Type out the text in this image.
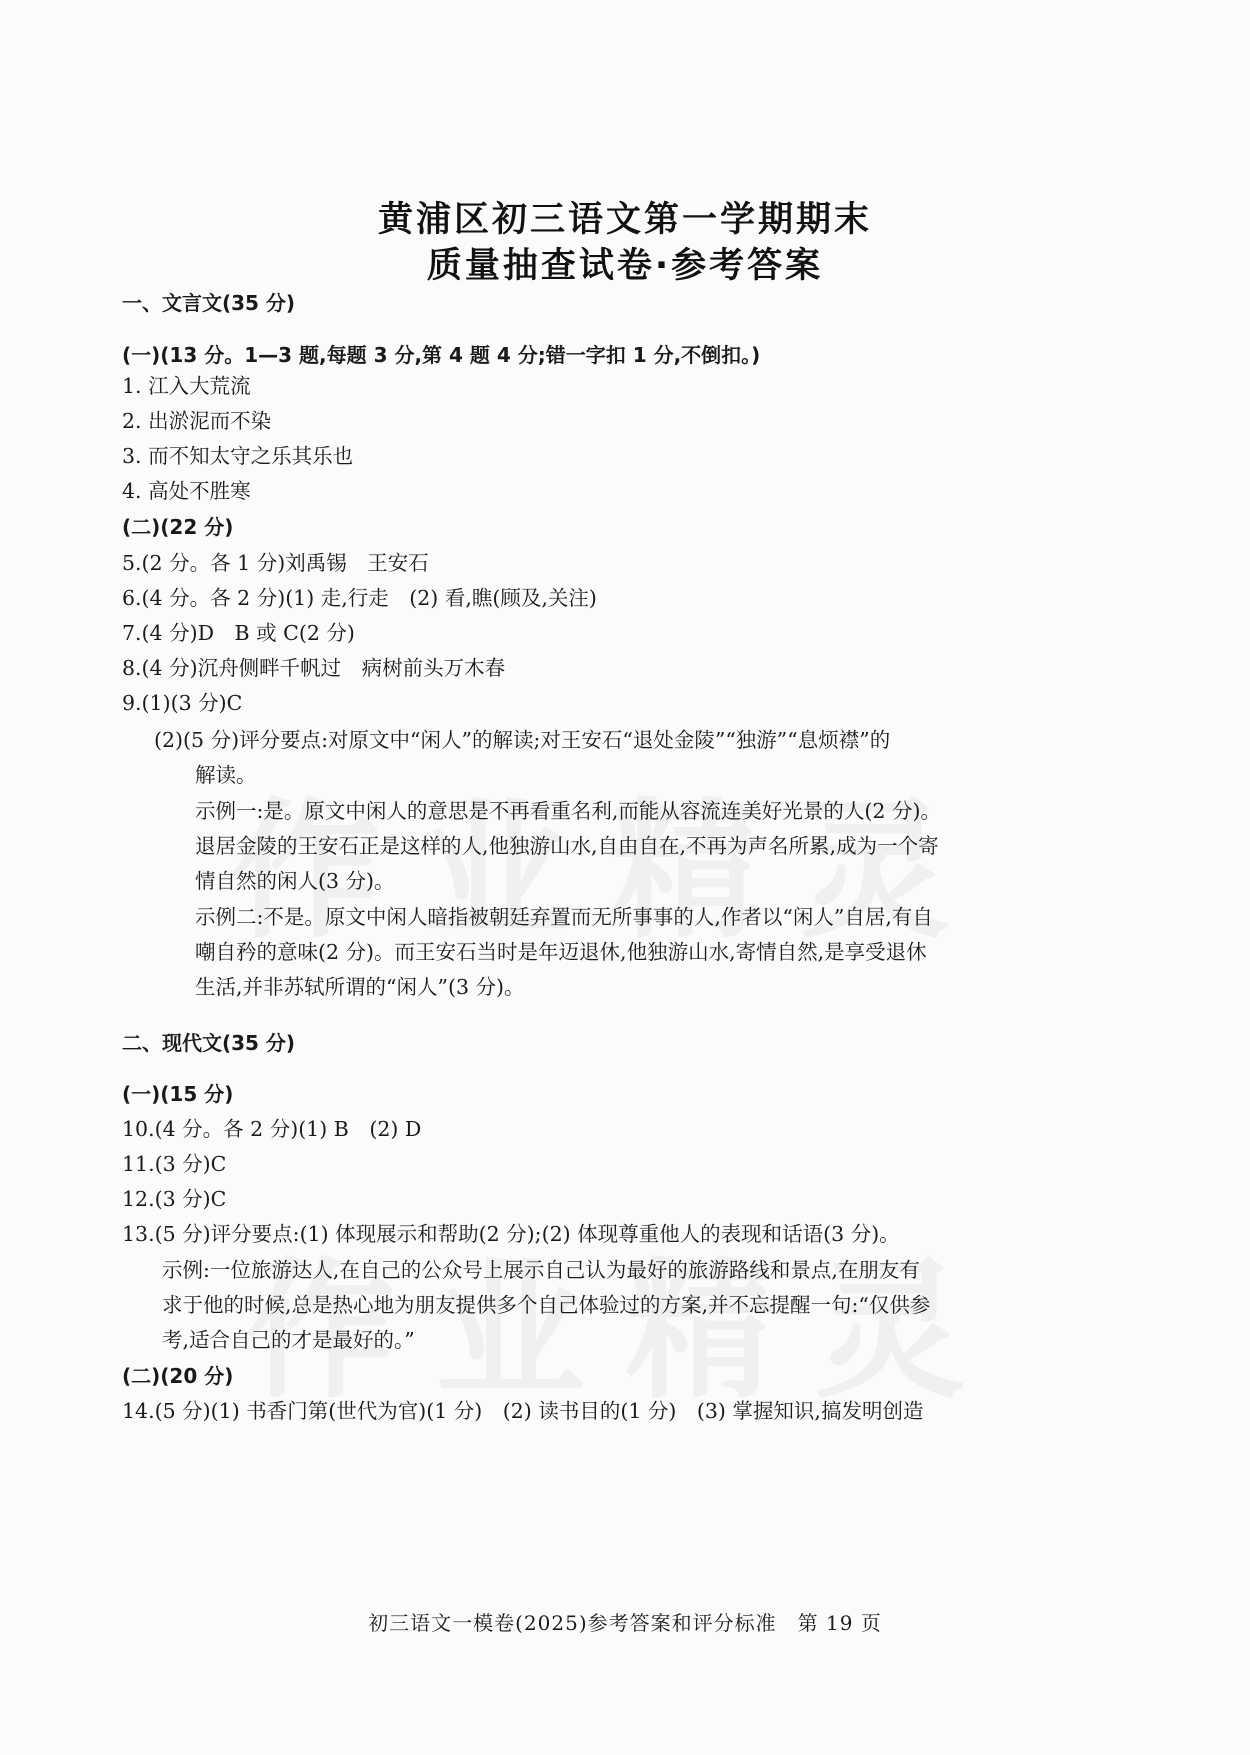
黄浦区初三语文第一学期期末
质量抽查试卷·参考答案
一、文言文(35 分)
(一)(13 分。1—3 题,每题 3 分,第 4 题 4 分;错一字扣 1 分,不倒扣。)
1. 江入大荒流
2. 出淤泥而不染
3. 而不知太守之乐其乐也
4. 高处不胜寒
(二)(22 分)
5.(2 分。各 1 分)刘禹锡　王安石
6.(4 分。各 2 分)(1) 走,行走　(2) 看,瞧(顾及,关注)
7.(4 分)D　B 或 C(2 分)
8.(4 分)沉舟侧畔千帆过　病树前头万木春
9.(1)(3 分)C
(2)(5 分)评分要点:对原文中“闲人”的解读;对王安石“退处金陵”“独游”“息烦襟”的
解读。
示例一:是。原文中闲人的意思是不再看重名利,而能从容流连美好光景的人(2 分)。
退居金陵的王安石正是这样的人,他独游山水,自由自在,不再为声名所累,成为一个寄
情自然的闲人(3 分)。
示例二:不是。原文中闲人暗指被朝廷弃置而无所事事的人,作者以“闲人”自居,有自
嘲自矜的意味(2 分)。而王安石当时是年迈退休,他独游山水,寄情自然,是享受退休
生活,并非苏轼所谓的“闲人”(3 分)。
二、现代文(35 分)
(一)(15 分)
10.(4 分。各 2 分)(1) B　(2) D
11.(3 分)C
12.(3 分)C
13.(5 分)评分要点:(1) 体现展示和帮助(2 分);(2) 体现尊重他人的表现和话语(3 分)。
示例:一位旅游达人,在自己的公众号上展示自己认为最好的旅游路线和景点,在朋友有
求于他的时候,总是热心地为朋友提供多个自己体验过的方案,并不忘提醒一句:“仅供参
考,适合自己的才是最好的。”
(二)(20 分)
14.(5 分)(1) 书香门第(世代为官)(1 分)　(2) 读书目的(1 分)　(3) 掌握知识,搞发明创造
初三语文一模卷(2025)参考答案和评分标准　第 19 页
